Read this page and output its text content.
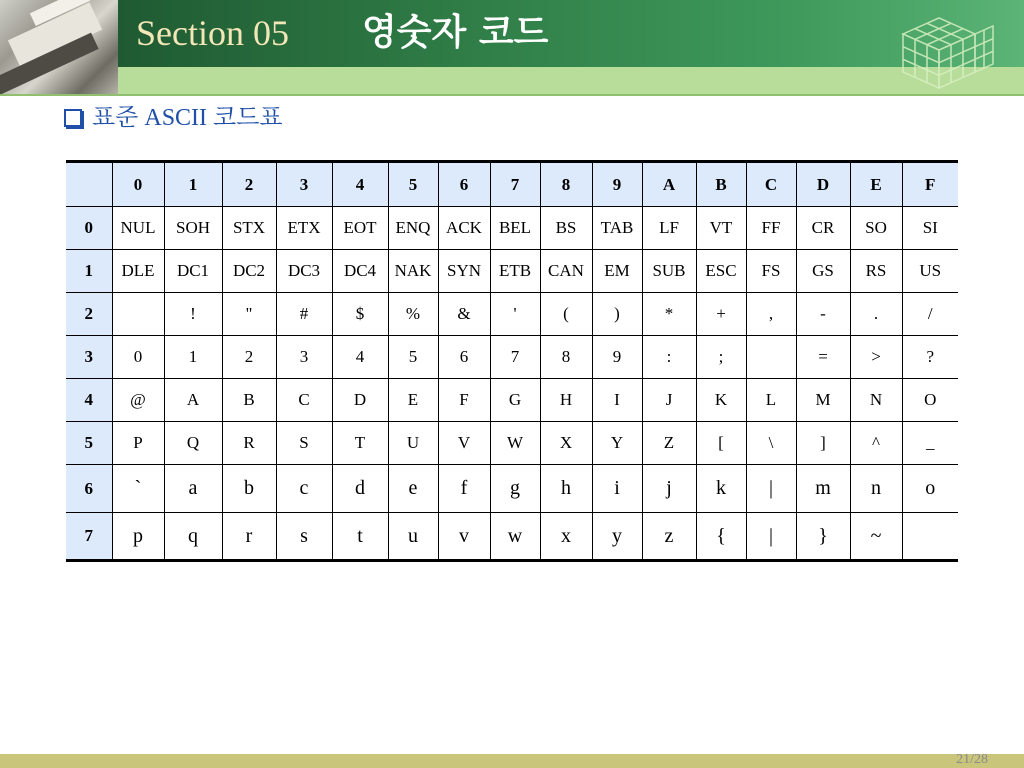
Section 05 영숫자 코드
표준 ASCII 코드표
	0	1	2	3	4	5	6	7	8	9	A	B	C	D	E	F
0	NUL	SOH	STX	ETX	EOT	ENQ	ACK	BEL	BS	TAB	LF	VT	FF	CR	SO	SI
1	DLE	DC1	DC2	DC3	DC4	NAK	SYN	ETB	CAN	EM	SUB	ESC	FS	GS	RS	US
2		!	"	#	$	%	&	'	(	)	*	+	,	-	.	/
3	0	1	2	3	4	5	6	7	8	9	:	;		=	>	?
4	@	A	B	C	D	E	F	G	H	I	J	K	L	M	N	O
5	P	Q	R	S	T	U	V	W	X	Y	Z	[	\	]	^	_
6	`	a	b	c	d	e	f	g	h	i	j	k	|	m	n	o
7	p	q	r	s	t	u	v	w	x	y	z	{	|	}	~	
21/28
